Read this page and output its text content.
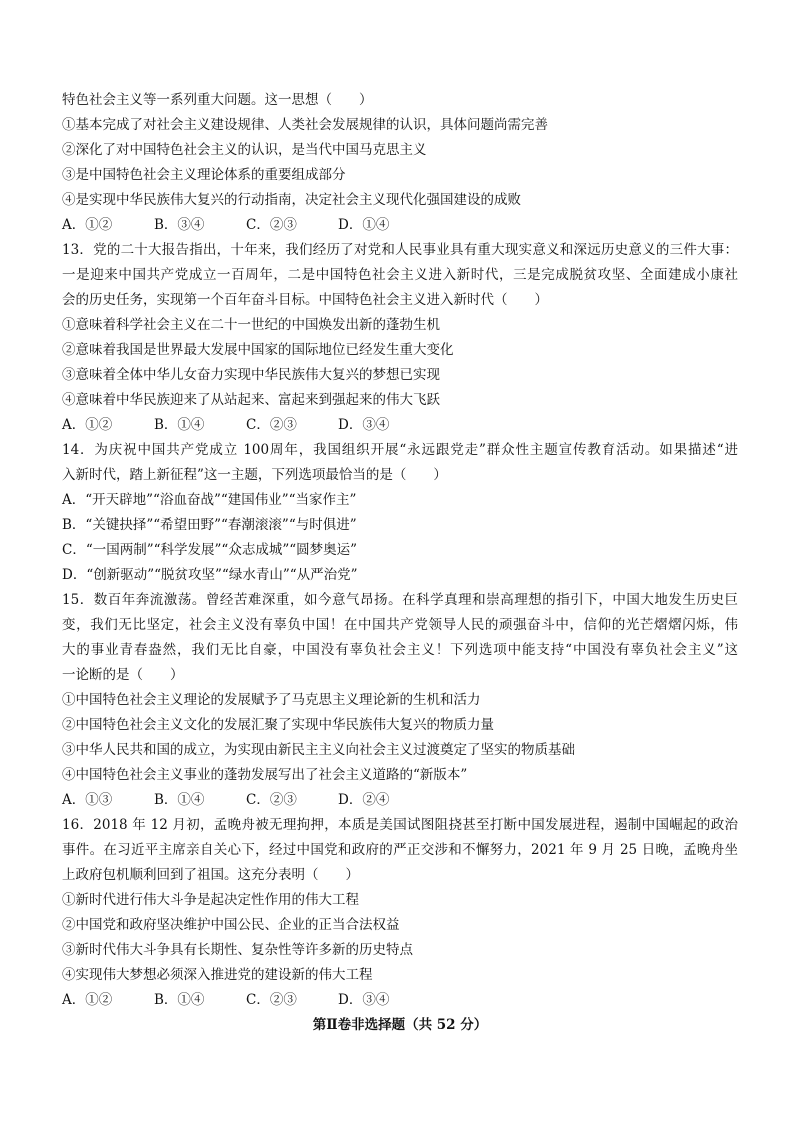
特色社会主义等一系列重大问题。这一思想（　　）
①基本完成了对社会主义建设规律、人类社会发展规律的认识，具体问题尚需完善
②深化了对中国特色社会主义的认识，是当代中国马克思主义
③是中国特色社会主义理论体系的重要组成部分
④是实现中华民族伟大复兴的行动指南，决定社会主义现代化强国建设的成败
A．①②	B．③④	C．②③	D．①④
13．党的二十大报告指出，十年来，我们经历了对党和人民事业具有重大现实意义和深远历史意义的三件大事：
一是迎来中国共产党成立一百周年，二是中国特色社会主义进入新时代，三是完成脱贫攻坚、全面建成小康社
会的历史任务，实现第一个百年奋斗目标。中国特色社会主义进入新时代（　　）
①意味着科学社会主义在二十一世纪的中国焕发出新的蓬勃生机
②意味着我国是世界最大发展中国家的国际地位已经发生重大变化
③意味着全体中华儿女奋力实现中华民族伟大复兴的梦想已实现
④意味着中华民族迎来了从站起来、富起来到强起来的伟大飞跃
A．①②	B．①④	C．②③	D．③④
14．为庆祝中国共产党成立 100周年，我国组织开展“永远跟党走”群众性主题宣传教育活动。如果描述“进
入新时代，踏上新征程”这一主题，下列选项最恰当的是（　　）
A．“开天辟地”“浴血奋战”“建国伟业”“当家作主”
B．“关键抉择”“希望田野”“春潮滚滚”“与时俱进”
C．“一国两制”“科学发展”“众志成城”“圆梦奥运”
D．“创新驱动”“脱贫攻坚”“绿水青山”“从严治党”
15．数百年奔流激荡。曾经苦难深重，如今意气昂扬。在科学真理和崇高理想的指引下，中国大地发生历史巨
变，我们无比坚定，社会主义没有辜负中国！在中国共产党领导人民的顽强奋斗中，信仰的光芒熠熠闪烁，伟
大的事业青春盎然，我们无比自豪，中国没有辜负社会主义！下列选项中能支持“中国没有辜负社会主义”这
一论断的是（　　）
①中国特色社会主义理论的发展赋予了马克思主义理论新的生机和活力
②中国特色社会主义文化的发展汇聚了实现中华民族伟大复兴的物质力量
③中华人民共和国的成立，为实现由新民主主义向社会主义过渡奠定了坚实的物质基础
④中国特色社会主义事业的蓬勃发展写出了社会主义道路的“新版本”
A．①③	B．①④	C．②③	D．②④
16．2018 年 12 月初，孟晚舟被无理拘押，本质是美国试图阻挠甚至打断中国发展进程，遏制中国崛起的政治
事件。在习近平主席亲自关心下，经过中国党和政府的严正交涉和不懈努力，2021 年 9 月 25 日晚，孟晚舟坐
上政府包机顺利回到了祖国。这充分表明（　　）
①新时代进行伟大斗争是起决定性作用的伟大工程
②中国党和政府坚决维护中国公民、企业的正当合法权益
③新时代伟大斗争具有长期性、复杂性等许多新的历史特点
④实现伟大梦想必须深入推进党的建设新的伟大工程
A．①②	B．①④	C．②③	D．③④
第Ⅱ卷非选择题（共 52 分）
